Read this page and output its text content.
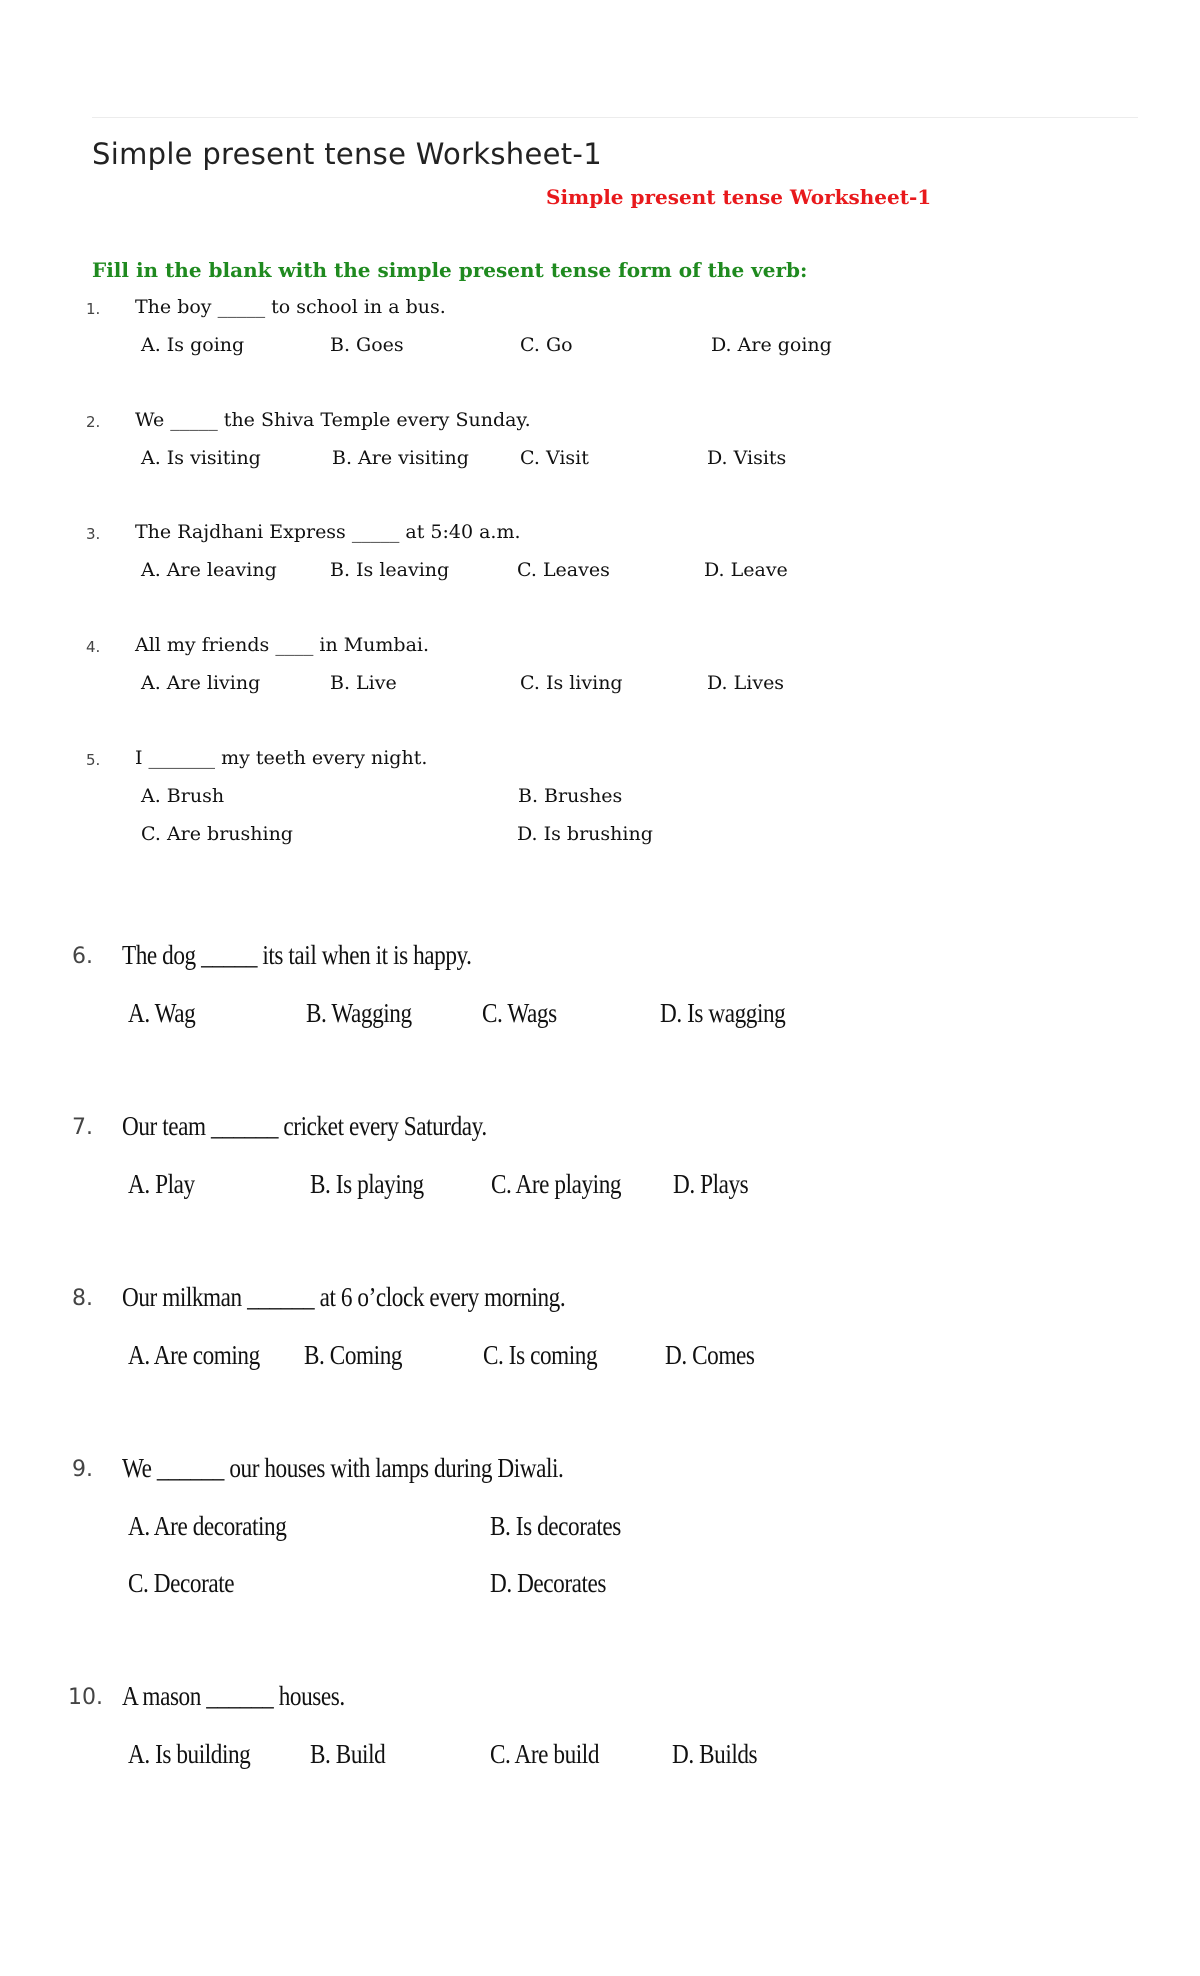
Simple present tense Worksheet-1
Simple present tense Worksheet-1
Fill in the blank with the simple present tense form of the verb:
1. The boy _____ to school in a bus.
A. Is going	B. Goes	C. Go	D. Are going
2. We _____ the Shiva Temple every Sunday.
A. Is visiting	B. Are visiting	C. Visit	D. Visits
3. The Rajdhani Express _____ at 5:40 a.m.
A. Are leaving	B. Is leaving	C. Leaves	D. Leave
4. All my friends ____ in Mumbai.
A. Are living	B. Live	C. Is living	D. Lives
5. I _______ my teeth every night.
A. Brush	B. Brushes
C. Are brushing	D. Is brushing
6. The dog _____ its tail when it is happy.
A. Wag	B. Wagging	C. Wags	D. Is wagging
7. Our team ______ cricket every Saturday.
A. Play	B. Is playing C. Are playing D. Plays
8. Our milkman ______ at 6 o’clock every morning.
A. Are coming B. Coming	C. Is coming	D. Comes
9. We ______ our houses with lamps during Diwali.
A. Are decorating	B. Is decorates
C. Decorate	D. Decorates
10. A mason ______ houses.
A. Is building B. Build	C. Are build	D. Builds
